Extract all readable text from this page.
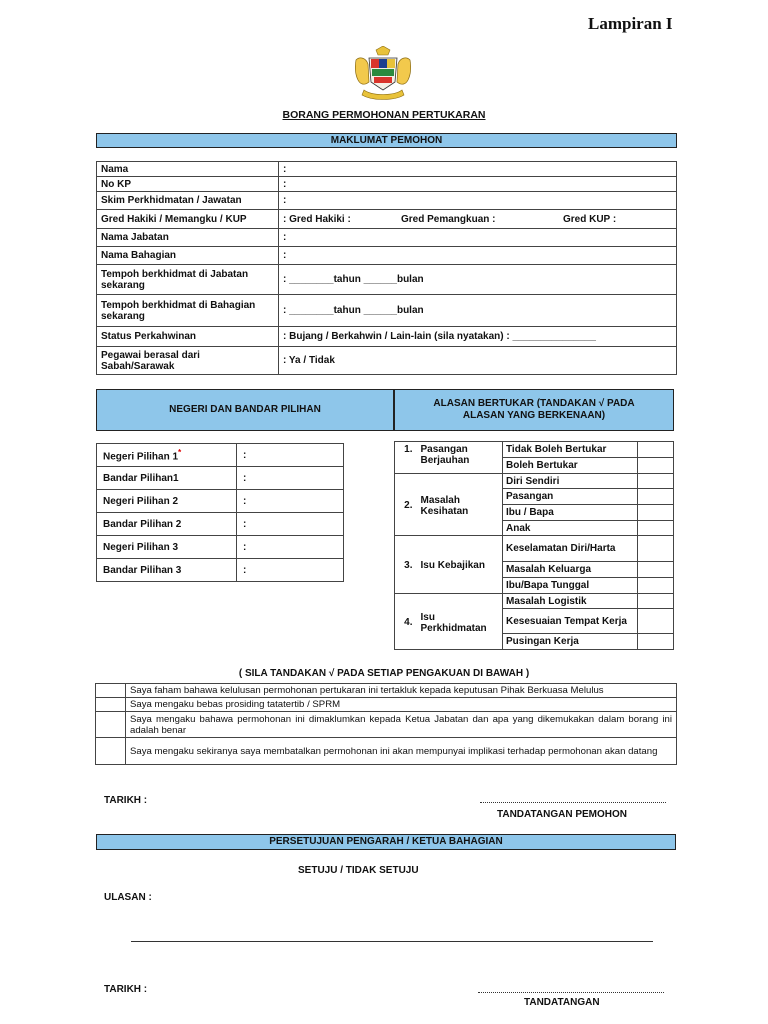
Lampiran I
BORANG PERMOHONAN PERTUKARAN
MAKLUMAT PEMOHON
Nama	:
No KP	:
Skim Perkhidmatan / Jawatan	:
Gred Hakiki / Memangku / KUP	: Gred Hakiki : Gred Pemangkuan : Gred KUP :

Nama Jabatan	:
Nama Bahagian	:
Tempoh berkhidmat di Jabatan sekarang	: ________tahun ______bulan
Tempoh berkhidmat di Bahagian sekarang	: ________tahun ______bulan
Status Perkahwinan	: Bujang / Berkahwin / Lain-lain (sila nyatakan) : _______________
Pegawai berasal dari Sabah/Sarawak	: Ya / Tidak
NEGERI DAN BANDAR PILIHAN
ALASAN BERTUKAR (TANDAKAN √ PADA ALASAN YANG BERKENAAN)
Negeri Pilihan 1*	:
Bandar Pilihan1	:
Negeri Pilihan 2	:
Bandar Pilihan 2	:
Negeri Pilihan 3	:
Bandar Pilihan 3	:
1.	Pasangan Berjauhan	Tidak Boleh Bertukar	
		Boleh Bertukar	
2.	Masalah Kesihatan	Diri Sendiri	
		Pasangan	
		Ibu / Bapa	
		Anak	
3.	Isu Kebajikan	Keselamatan Diri/Harta	
		Masalah Keluarga	
		Ibu/Bapa Tunggal	
4.	Isu Perkhidmatan	Masalah Logistik	
		Kesesuaian Tempat Kerja	
		Pusingan Kerja	
( SILA TANDAKAN √ PADA SETIAP PENGAKUAN DI BAWAH )
	Saya faham bahawa kelulusan permohonan pertukaran ini tertakluk kepada keputusan Pihak Berkuasa Melulus
	Saya mengaku bebas prosiding tatatertib / SPRM
	Saya mengaku bahawa permohonan ini dimaklumkan kepada Ketua Jabatan dan apa yang dikemukakan dalam borang ini adalah benar
	Saya mengaku sekiranya saya membatalkan permohonan ini akan mempunyai implikasi terhadap permohonan akan datang
TARIKH :
TANDATANGAN PEMOHON
PERSETUJUAN PENGARAH / KETUA BAHAGIAN
SETUJU / TIDAK SETUJU
ULASAN :
TARIKH :
TANDATANGAN
